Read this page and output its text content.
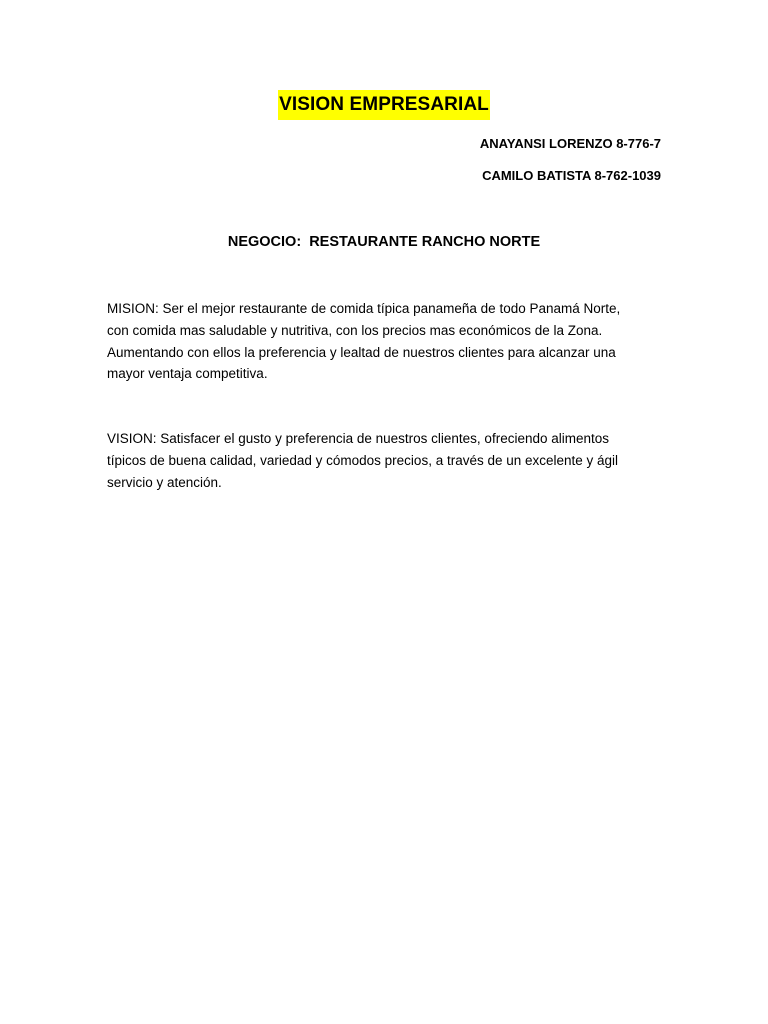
VISION EMPRESARIAL
ANAYANSI LORENZO 8-776-7
CAMILO BATISTA 8-762-1039
NEGOCIO:  RESTAURANTE RANCHO NORTE
MISION: Ser el mejor restaurante de comida típica panameña de todo Panamá Norte,
con comida mas saludable y nutritiva, con los precios mas económicos de la Zona.
Aumentando con ellos la preferencia y lealtad de nuestros clientes para alcanzar una
mayor ventaja competitiva.
VISION: Satisfacer el gusto y preferencia de nuestros clientes, ofreciendo alimentos
típicos de buena calidad, variedad y cómodos precios, a través de un excelente y ágil
servicio y atención.
